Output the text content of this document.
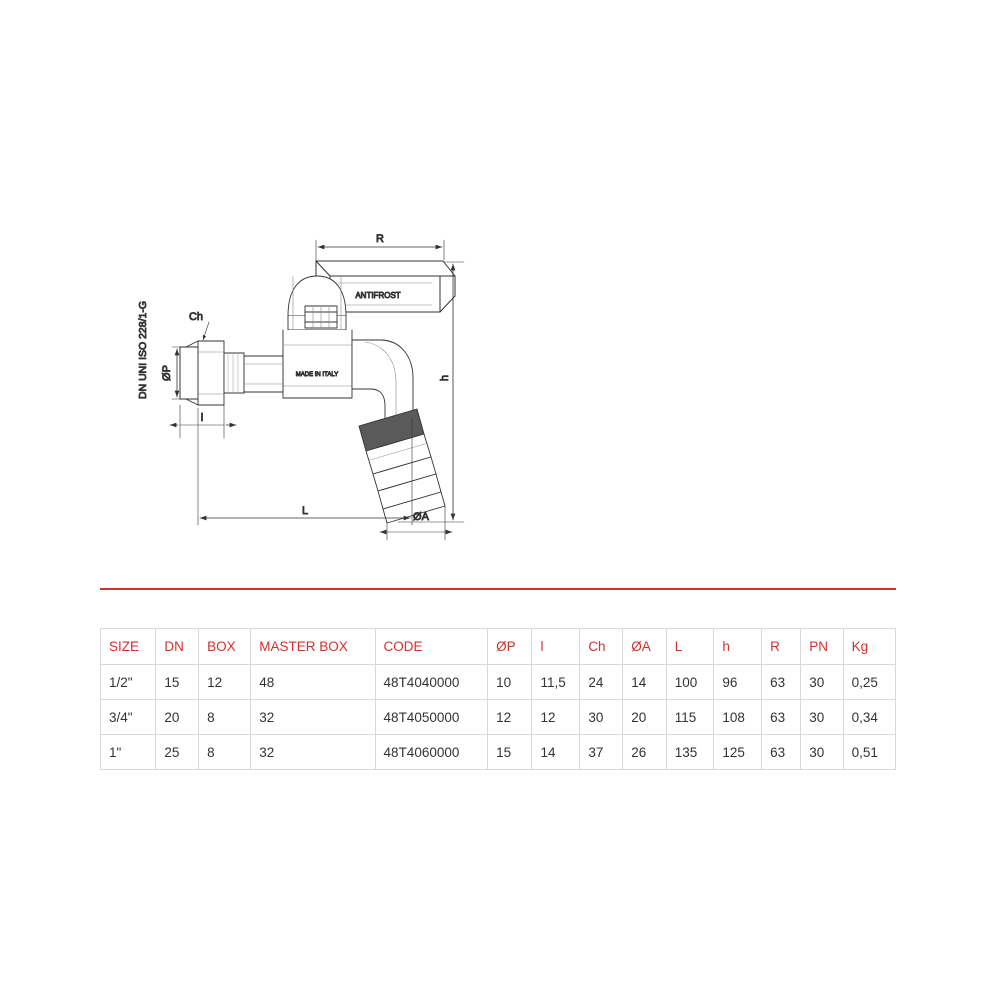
ANTIFROST
MADE IN ITALY
R
Ch
ØP
DN UNI ISO 228/1-G
l
L
h
ØA
SIZE	DN	BOX	MASTER BOX	CODE	ØP	l	Ch	ØA	L	h	R	PN	Kg
1/2"	15	12	48	48T4040000	10	11,5	24	14	100	96	63	30	0,25
3/4"	20	8	32	48T4050000	12	12	30	20	115	108	63	30	0,34
1"	25	8	32	48T4060000	15	14	37	26	135	125	63	30	0,51
